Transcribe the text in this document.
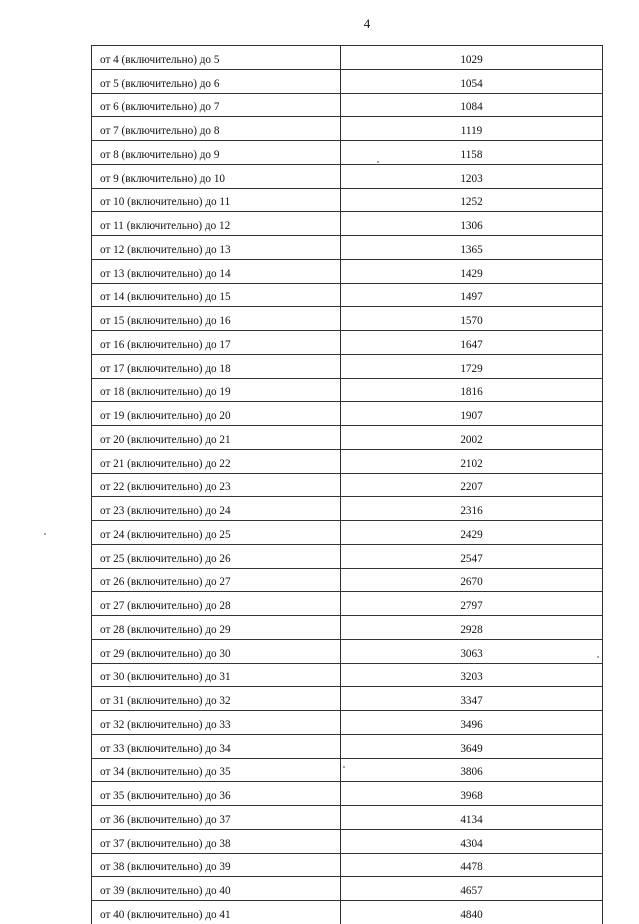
4
от 4 (включительно) до 5	1029
от 5 (включительно) до 6	1054
от 6 (включительно) до 7	1084
от 7 (включительно) до 8	1119
от 8 (включительно) до 9	1158
от 9 (включительно) до 10	1203
от 10 (включительно) до 11	1252
от 11 (включительно) до 12	1306
от 12 (включительно) до 13	1365
от 13 (включительно) до 14	1429
от 14 (включительно) до 15	1497
от 15 (включительно) до 16	1570
от 16 (включительно) до 17	1647
от 17 (включительно) до 18	1729
от 18 (включительно) до 19	1816
от 19 (включительно) до 20	1907
от 20 (включительно) до 21	2002
от 21 (включительно) до 22	2102
от 22 (включительно) до 23	2207
от 23 (включительно) до 24	2316
от 24 (включительно) до 25	2429
от 25 (включительно) до 26	2547
от 26 (включительно) до 27	2670
от 27 (включительно) до 28	2797
от 28 (включительно) до 29	2928
от 29 (включительно) до 30	3063
от 30 (включительно) до 31	3203
от 31 (включительно) до 32	3347
от 32 (включительно) до 33	3496
от 33 (включительно) до 34	3649
от 34 (включительно) до 35	3806
от 35 (включительно) до 36	3968
от 36 (включительно) до 37	4134
от 37 (включительно) до 38	4304
от 38 (включительно) до 39	4478
от 39 (включительно) до 40	4657
от 40 (включительно) до 41	4840
